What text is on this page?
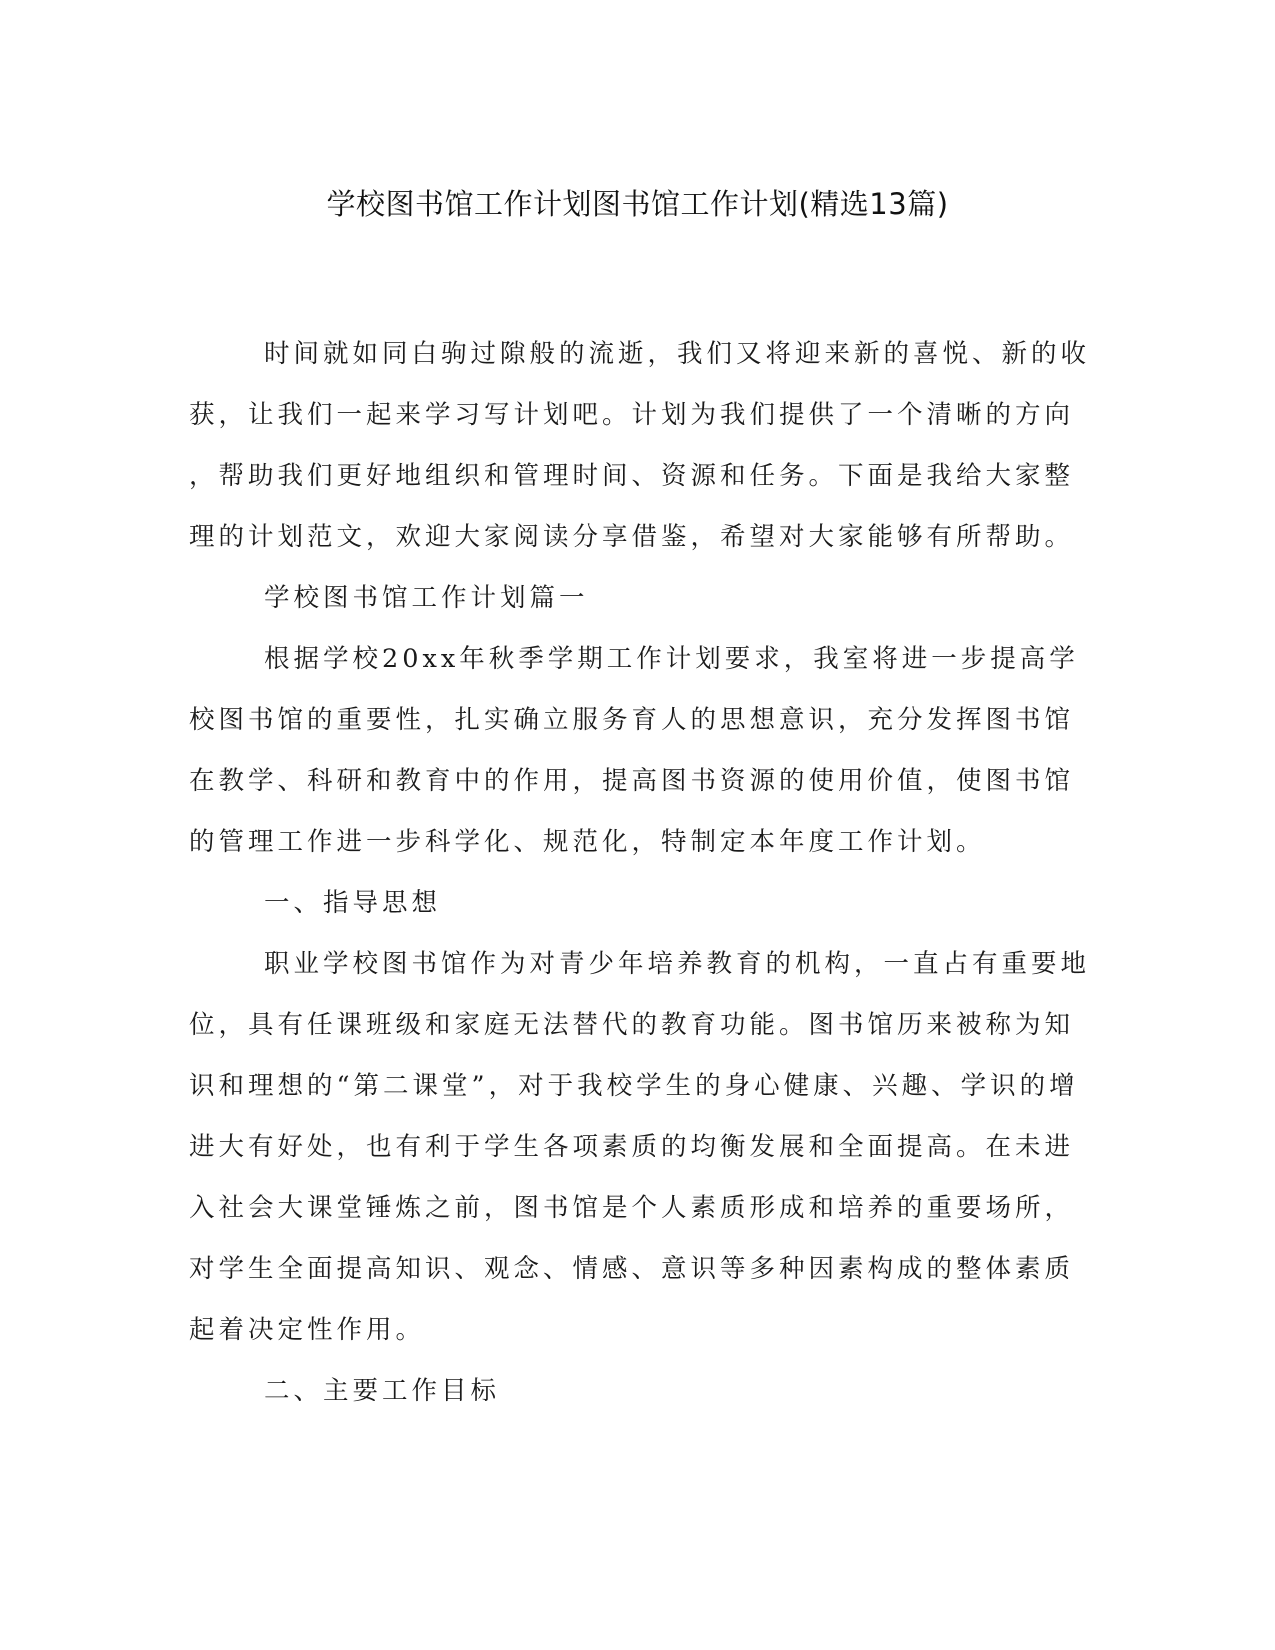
学校图书馆工作计划图书馆工作计划(精选13篇)

时间就如同白驹过隙般的流逝，我们又将迎来新的喜悦、新的收
获，让我们一起来学习写计划吧。计划为我们提供了一个清晰的方向
，帮助我们更好地组织和管理时间、资源和任务。下面是我给大家整
理的计划范文，欢迎大家阅读分享借鉴，希望对大家能够有所帮助。

学校图书馆工作计划篇一

根据学校20xx年秋季学期工作计划要求，我室将进一步提高学
校图书馆的重要性，扎实确立服务育人的思想意识，充分发挥图书馆
在教学、科研和教育中的作用，提高图书资源的使用价值，使图书馆
的管理工作进一步科学化、规范化，特制定本年度工作计划。

一、指导思想

职业学校图书馆作为对青少年培养教育的机构，一直占有重要地
位，具有任课班级和家庭无法替代的教育功能。图书馆历来被称为知
识和理想的“第二课堂”，对于我校学生的身心健康、兴趣、学识的增
进大有好处，也有利于学生各项素质的均衡发展和全面提高。在未进
入社会大课堂锤炼之前，图书馆是个人素质形成和培养的重要场所，
对学生全面提高知识、观念、情感、意识等多种因素构成的整体素质
起着决定性作用。

二、主要工作目标
